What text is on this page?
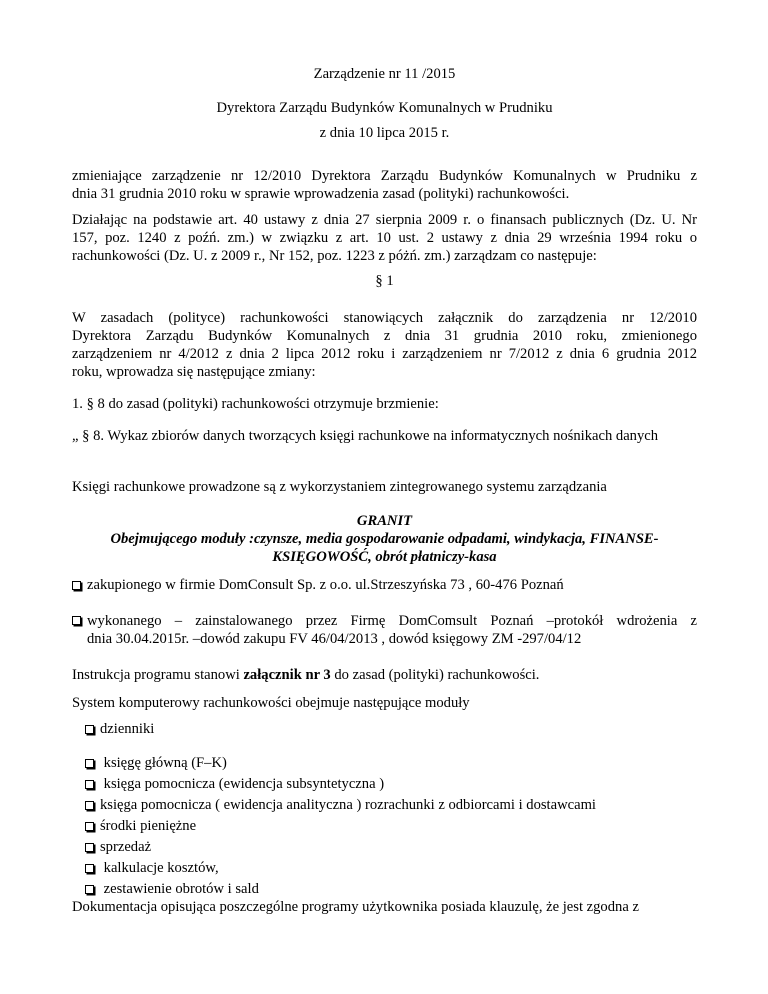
Zarządzenie nr 11 /2015
Dyrektora Zarządu Budynków Komunalnych w Prudniku
z dnia 10 lipca 2015 r.
zmieniające zarządzenie nr 12/2010 Dyrektora Zarządu Budynków Komunalnych w Prudniku z
dnia 31 grudnia 2010 roku w sprawie wprowadzenia zasad (polityki) rachunkowości.
Działając na podstawie art. 40 ustawy z dnia 27 sierpnia 2009 r. o finansach publicznych (Dz. U. Nr
157, poz. 1240 z poźń. zm.) w związku z art. 10 ust. 2 ustawy z dnia 29 września 1994 roku o
rachunkowości (Dz. U. z 2009 r., Nr 152, poz. 1223 z póżń. zm.) zarządzam co następuje:
§ 1
W zasadach (polityce) rachunkowości stanowiących załącznik do zarządzenia nr 12/2010
Dyrektora Zarządu Budynków Komunalnych z dnia 31 grudnia 2010 roku, zmienionego
zarządzeniem nr 4/2012 z dnia 2 lipca 2012 roku i zarządzeniem nr 7/2012 z dnia 6 grudnia 2012
roku, wprowadza się następujące zmiany:
1. § 8 do zasad (polityki) rachunkowości otrzymuje brzmienie:
„ § 8. Wykaz zbiorów danych tworzących księgi rachunkowe na informatycznych nośnikach danych
Księgi rachunkowe prowadzone są z wykorzystaniem zintegrowanego systemu zarządzania
GRANIT
Obejmującego moduły :czynsze, media gospodarowanie odpadami, windykacja, FINANSE-
KSIĘGOWOŚĆ, obrót płatniczy-kasa
zakupionego w firmie DomConsult Sp. z o.o. ul.Strzeszyńska 73 , 60-476 Poznań
wykonanego – zainstalowanego przez Firmę DomComsult Poznań –protokół wdrożenia z
dnia 30.04.2015r. –dowód zakupu FV 46/04/2013 , dowód księgowy ZM -297/04/12
Instrukcja programu stanowi załącznik nr 3 do zasad (polityki) rachunkowości.
System komputerowy rachunkowości obejmuje następujące moduły
dzienniki
księgę główną (F–K)
księga pomocnicza (ewidencja subsyntetyczna )
księga pomocnicza ( ewidencja analityczna ) rozrachunki z odbiorcami i dostawcami
środki pieniężne
sprzedaż
kalkulacje kosztów,
zestawienie obrotów i sald
Dokumentacja opisująca poszczególne programy użytkownika posiada klauzulę, że jest zgodna z
